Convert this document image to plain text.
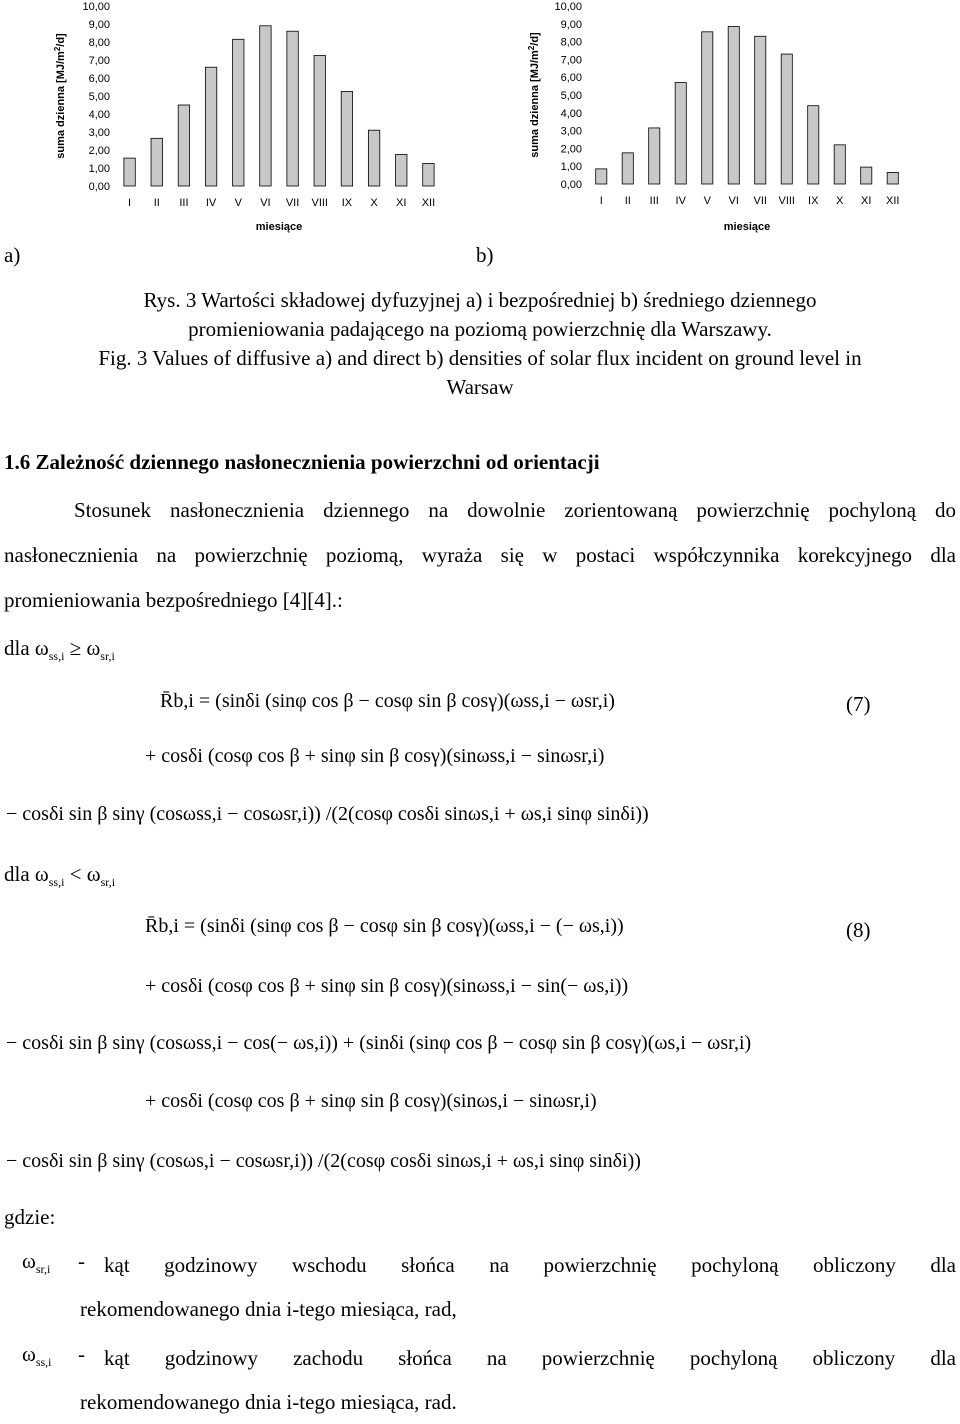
suma dzienna $[MJ/m^2/d]$
0,00
1,00
2,00
3,00
4,00
5,00
6,00
7,00
8,00
9,00
10,00
I II III IV V VI VII VIII IX X XI XII
miesiące
suma dzienna $[MJ/m^2/d]$
0,00
1,00
2,00
3,00
4,00
5,00
6,00
7,00
8,00
9,00
10,00
I II III IV V VI VII VIII IX X XI XII
miesiące
a)	b)
Rys. 3 Wartości składowej dyfuzyjnej a) i bezpośredniej b) średniego dziennego
promieniowania padającego na poziomą powierzchnię dla Warszawy.
Fig. 3 Values of diffusive a) and direct b) densities of solar flux incident on ground level in
Warsaw
1.6 Zależność dziennego nasłonecznienia powierzchni od orientacji
Stosunek nasłonecznienia dziennego na dowolnie zorientowaną powierzchnię pochyloną do nasłonecznienia na powierzchnię poziomą, wyraża się w postaci współczynnika korekcyjnego dla promieniowania bezpośredniego [4][4].:
dla $\omega_{ss,i} \ge \omega_{sr,i}$
R̄b,i = (sinδi (sinφ cos β − cosφ sin β cosγ)(ωss,i − ωsr,i)	(7)
+ cosδi (cosφ cos β + sinφ sin β cosγ)(sinωss,i − sinωsr,i)
− cosδi sin β sinγ (cosωss,i − cosωsr,i)) /(2(cosφ cosδi sinωs,i + ωs,i sinφ sinδi))
dla $\omega_{ss,i} < \omega_{sr,i}$
R̄b,i = (sinδi (sinφ cos β − cosφ sin β cosγ)(ωss,i − (− ωs,i))	(8)
+ cosδi (cosφ cos β + sinφ sin β cosγ)(sinωss,i − sin(− ωs,i))
− cosδi sin β sinγ (cosωss,i − cos(− ωs,i)) + (sinδi (sinφ cos β − cosφ sin β cosγ)(ωs,i − ωsr,i)
+ cosδi (cosφ cos β + sinφ sin β cosγ)(sinωs,i − sinωsr,i)
− cosδi sin β sinγ (cosωs,i − cosωsr,i)) /(2(cosφ cosδi sinωs,i + ωs,i sinφ sinδi))
gdzie:
$\omega_{sr,i}$ - kąt godzinowy wschodu słońca na powierzchnię pochyloną obliczony dla
rekomendowanego dnia i-tego miesiąca, rad,
$\omega_{ss,i}$ - kąt godzinowy zachodu słońca na powierzchnię pochyloną obliczony dla
rekomendowanego dnia i-tego miesiąca, rad.
